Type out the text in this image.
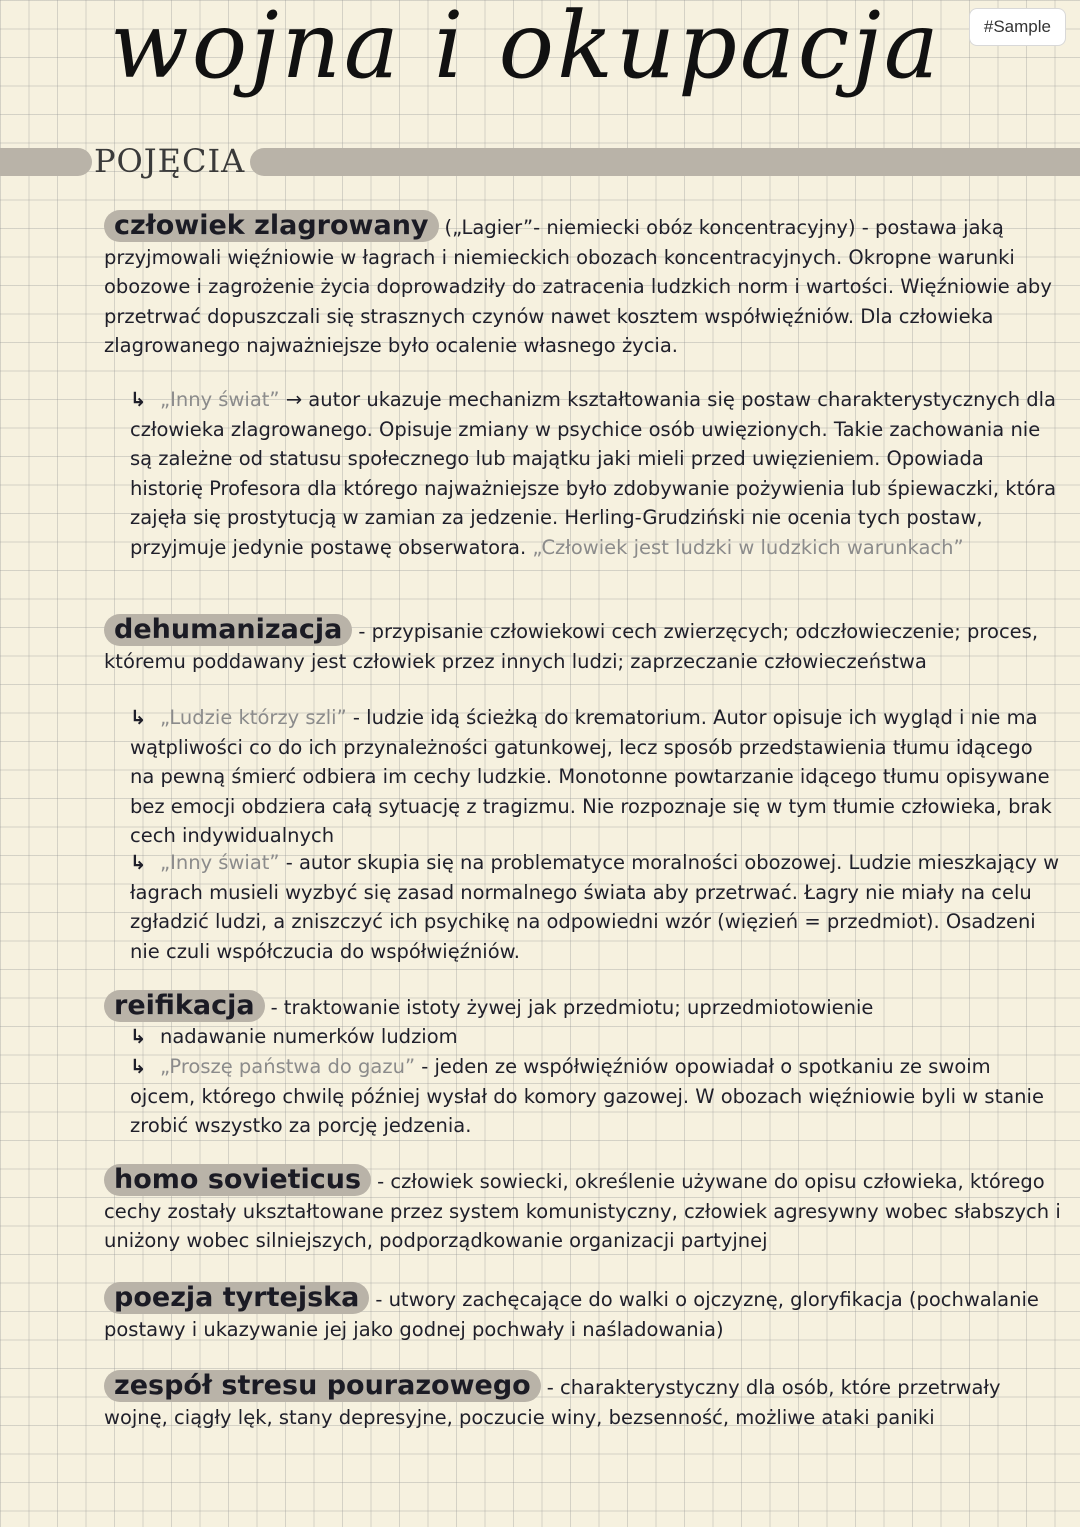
wojna i okupacja	#Sample
POJĘCIA
człowiek zlagrowany („Lagier”- niemiecki obóz koncentracyjny) - postawa jaką przyjmowali więźniowie w łagrach i niemieckich obozach koncentracyjnych. Okropne warunki obozowe i zagrożenie życia doprowadziły do zatracenia ludzkich norm i wartości. Więźniowie aby przetrwać dopuszczali się strasznych czynów nawet kosztem współwięźniów. Dla człowieka zlagrowanego najważniejsze było ocalenie własnego życia.
↳ „Inny świat” → autor ukazuje mechanizm kształtowania się postaw charakterystycznych dla człowieka zlagrowanego. Opisuje zmiany w psychice osób uwięzionych. Takie zachowania nie są zależne od statusu społecznego lub majątku jaki mieli przed uwięzieniem. Opowiada historię Profesora dla którego najważniejsze było zdobywanie pożywienia lub śpiewaczki, która zajęła się prostytucją w zamian za jedzenie. Herling-Grudziński nie ocenia tych postaw, przyjmuje jedynie postawę obserwatora. „Człowiek jest ludzki w ludzkich warunkach”
dehumanizacja - przypisanie człowiekowi cech zwierzęcych; odczłowieczenie; proces, któremu poddawany jest człowiek przez innych ludzi; zaprzeczanie człowieczeństwa
↳ „Ludzie którzy szli” - ludzie idą ścieżką do krematorium. Autor opisuje ich wygląd i nie ma wątpliwości co do ich przynależności gatunkowej, lecz sposób przedstawienia tłumu idącego na pewną śmierć odbiera im cechy ludzkie. Monotonne powtarzanie idącego tłumu opisywane bez emocji obdziera całą sytuację z tragizmu. Nie rozpoznaje się w tym tłumie człowieka, brak cech indywidualnych
↳ „Inny świat” - autor skupia się na problematyce moralności obozowej. Ludzie mieszkający w łagrach musieli wyzbyć się zasad normalnego świata aby przetrwać. Łagry nie miały na celu zgładzić ludzi, a zniszczyć ich psychikę na odpowiedni wzór (więzień = przedmiot). Osadzeni nie czuli współczucia do współwięźniów.
reifikacja - traktowanie istoty żywej jak przedmiotu; uprzedmiotowienie
↳ nadawanie numerków ludziom
↳ „Proszę państwa do gazu” - jeden ze współwięźniów opowiadał o spotkaniu ze swoim ojcem, którego chwilę później wysłał do komory gazowej. W obozach więźniowie byli w stanie zrobić wszystko za porcję jedzenia.
homo sovieticus - człowiek sowiecki, określenie używane do opisu człowieka, którego cechy zostały ukształtowane przez system komunistyczny, człowiek agresywny wobec słabszych i uniżony wobec silniejszych, podporządkowanie organizacji partyjnej
poezja tyrtejska - utwory zachęcające do walki o ojczyznę, gloryfikacja (pochwalanie postawy i ukazywanie jej jako godnej pochwały i naśladowania)
zespół stresu pourazowego - charakterystyczny dla osób, które przetrwały wojnę, ciągły lęk, stany depresyjne, poczucie winy, bezsenność, możliwe ataki paniki
